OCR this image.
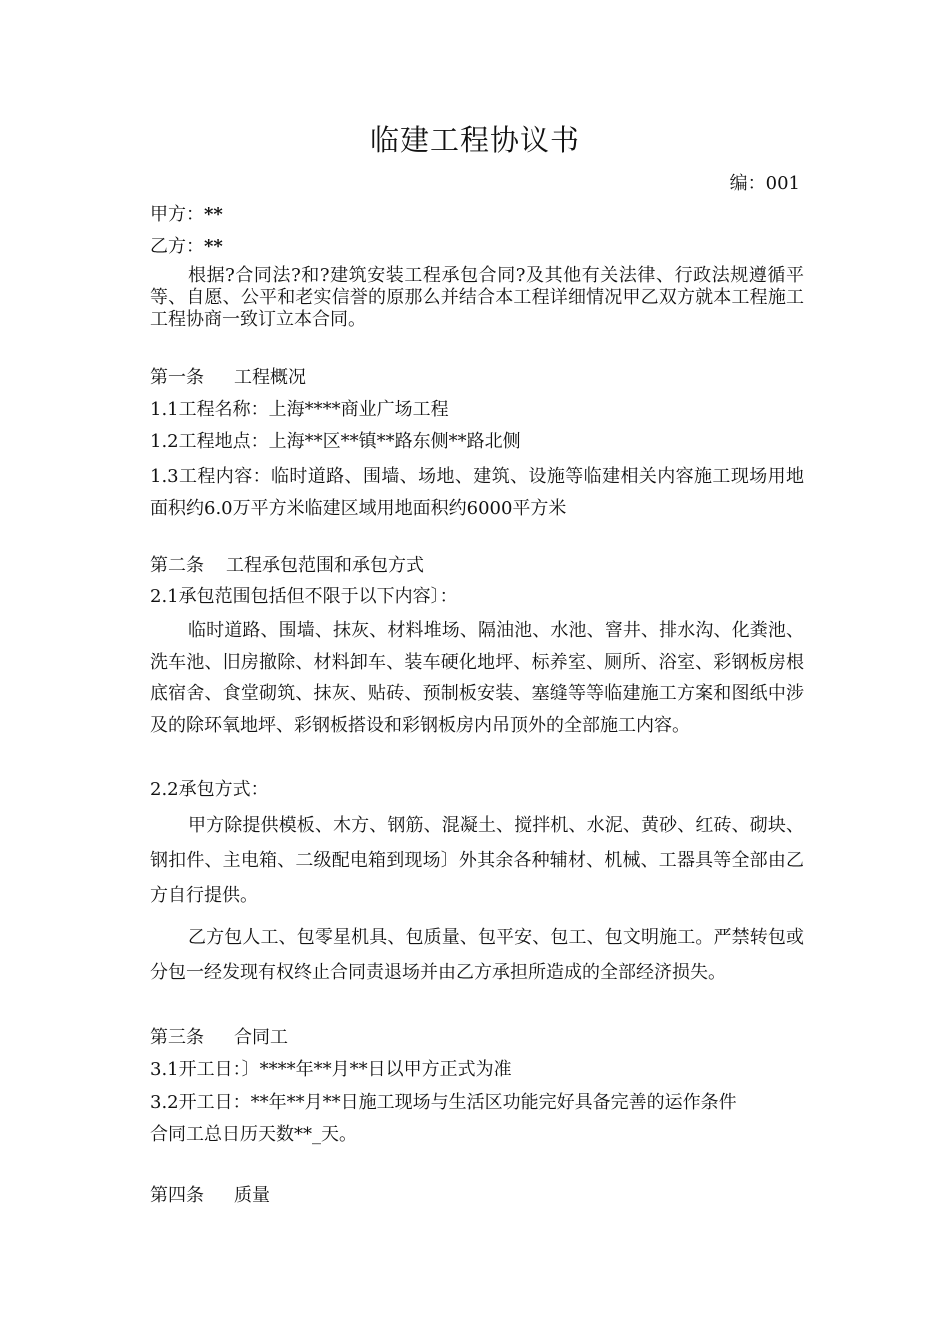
临建工程协议书
编：001
甲方：**
乙方：**

根据?合同法?和?建筑安装工程承包合同?及其他有关法律、行政法规遵循平等、自愿、公平和老实信誉的原那么并结合本工程详细情况甲乙双方就本工程施工工程协商一致订立本合同。

第一条 工程概况
1.1工程名称：上海****商业广场工程
1.2工程地点：上海**区**镇**路东侧**路北侧

1.3工程内容：临时道路、围墙、场地、建筑、设施等临建相关内容施工现场用地面积约6.0万平方米临建区域用地面积约6000平方米

第二条 工程承包范围和承包方式
2.1承包范围包括但不限于以下内容〕：

临时道路、围墙、抹灰、材料堆场、隔油池、水池、窨井、排水沟、化粪池、洗车池、旧房撤除、材料卸车、装车硬化地坪、标养室、厕所、浴室、彩钢板房根底宿舍、食堂砌筑、抹灰、贴砖、预制板安装、塞缝等等临建施工方案和图纸中涉及的除环氧地坪、彩钢板搭设和彩钢板房内吊顶外的全部施工内容。

2.2承包方式：

甲方除提供模板、木方、钢筋、混凝土、搅拌机、水泥、黄砂、红砖、砌块、钢扣件、主电箱、二级配电箱到现场〕外其余各种辅材、机械、工器具等全部由乙方自行提供。

乙方包人工、包零星机具、包质量、包平安、包工、包文明施工。严禁转包或分包一经发现有权终止合同责退场并由乙方承担所造成的全部经济损失。

第三条 合同工
3.1开工日：〕****年**月**日以甲方正式为准
3.2开工日：**年**月**日施工现场与生活区功能完好具备完善的运作条件
合同工总日历天数**_天。
第四条 质量
